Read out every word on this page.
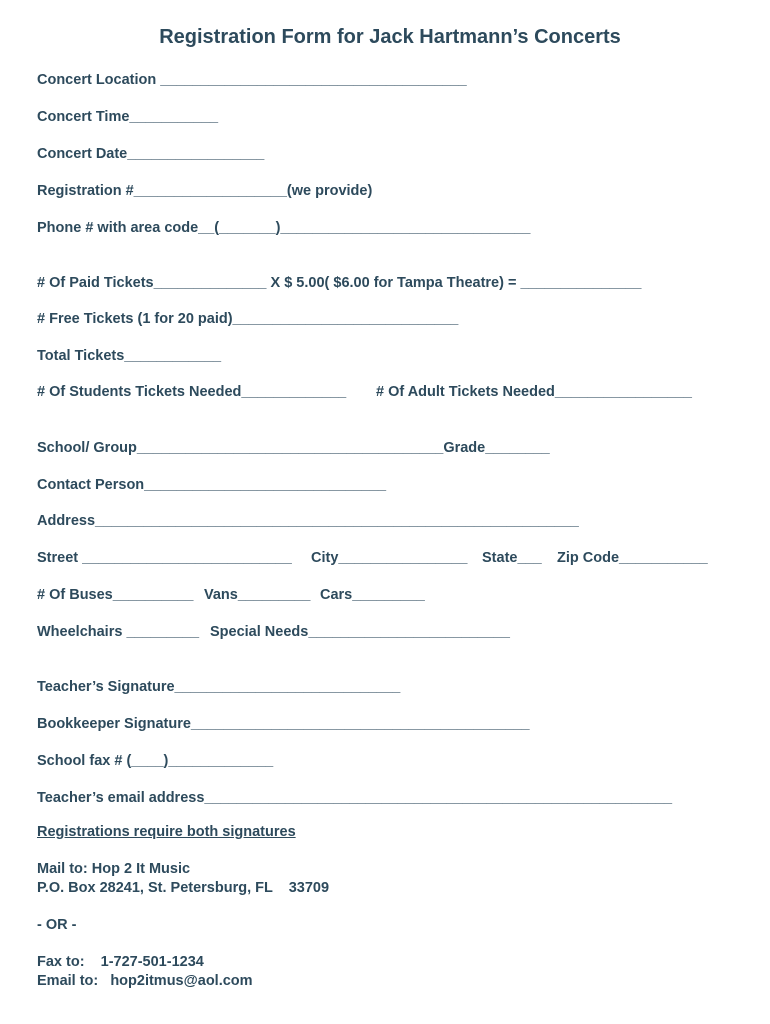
Registration Form for Jack Hartmann’s Concerts
Concert Location ______________________________________
Concert Time___________
Concert Date_________________
Registration #___________________(we provide)
Phone # with area code__(_______)_______________________________
# Of Paid Tickets______________ X $ 5.00( $6.00 for Tampa Theatre) = _______________
# Free Tickets (1 for 20 paid)____________________________
Total Tickets____________
# Of Students Tickets Needed_____________ # Of Adult Tickets Needed_________________
School/ Group______________________________________Grade________
Contact Person______________________________
Address____________________________________________________________
Street __________________________ City________________ State___ Zip Code___________
# Of Buses__________ Vans_________ Cars_________
Wheelchairs _________ Special Needs_________________________
Teacher’s Signature____________________________
Bookkeeper Signature__________________________________________
School fax # (____)_____________
Teacher’s email address__________________________________________________________
Registrations require both signatures
Mail to: Hop 2 It Music
P.O. Box 28241, St. Petersburg, FL    33709
- OR -
Fax to:    1-727-501-1234
Email to:   hop2itmus@aol.com
